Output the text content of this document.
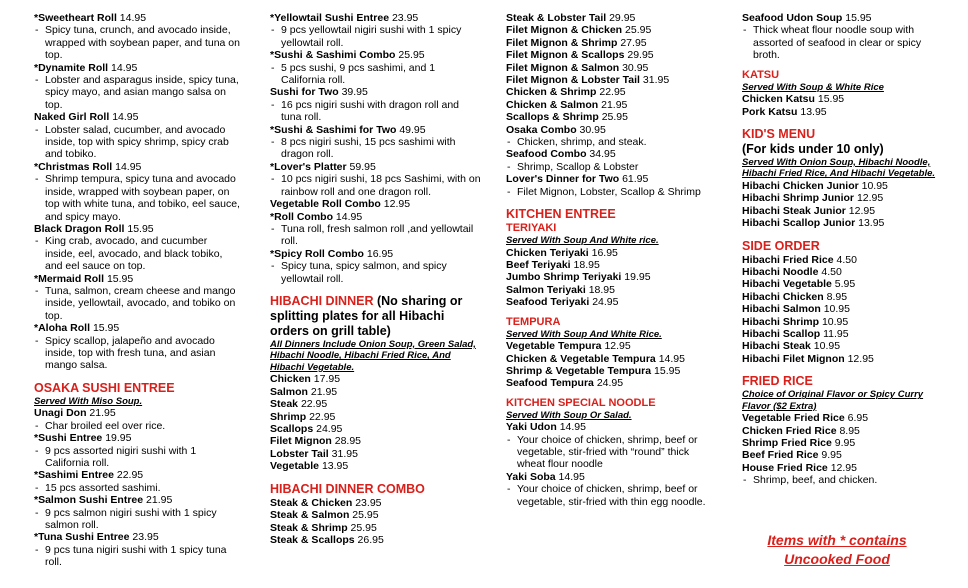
*Sweetheart Roll 14.95
- Spicy tuna, crunch, and avocado inside, wrapped with soybean paper, and tuna on top.
*Dynamite Roll 14.95
- Lobster and asparagus inside, spicy tuna, spicy mayo, and asian mango salsa on top.
Naked Girl Roll 14.95
- Lobster salad, cucumber, and avocado inside, top with spicy shrimp, spicy crab and tobiko.
*Christmas Roll 14.95
- Shrimp tempura, spicy tuna and avocado inside, wrapped with soybean paper, on top with white tuna, and tobiko, eel sauce, and spicy mayo.
Black Dragon Roll 15.95
- King crab, avocado, and cucumber inside, eel, avocado, and black tobiko, and eel sauce on top.
*Mermaid Roll 15.95
- Tuna, salmon, cream cheese and mango inside, yellowtail, avocado, and tobiko on top.
*Aloha Roll 15.95
- Spicy scallop, jalapeño and avocado inside, top with fresh tuna, and asian mango salsa.
OSAKA SUSHI ENTREE
Served With Miso Soup.
Unagi Don 21.95
- Char broiled eel over rice.
*Sushi Entree 19.95
- 9 pcs assorted nigiri sushi with 1 California roll.
*Sashimi Entree 22.95
- 15 pcs assorted sashimi.
*Salmon Sushi Entree 21.95
- 9 pcs salmon nigiri sushi with 1 spicy salmon roll.
*Tuna Sushi Entree 23.95
- 9 pcs tuna nigiri sushi with 1 spicy tuna roll.
*Yellowtail Sushi Entree 23.95
- 9 pcs yellowtail nigiri sushi with 1 spicy yellowtail roll.
*Sushi & Sashimi Combo 25.95
- 5 pcs sushi, 9 pcs sashimi, and 1 California roll.
Sushi for Two 39.95
- 16 pcs nigiri sushi with dragon roll and tuna roll.
*Sushi & Sashimi for Two 49.95
- 8 pcs nigiri sushi, 15 pcs sashimi with dragon roll.
*Lover's Platter 59.95
- 10 pcs nigiri sushi, 18 pcs Sashimi, with on rainbow roll and one dragon roll.
Vegetable Roll Combo 12.95
*Roll Combo 14.95
- Tuna roll, fresh salmon roll ,and yellowtail roll.
*Spicy Roll Combo 16.95
- Spicy tuna, spicy salmon, and spicy yellowtail roll.
HIBACHI DINNER (No sharing or splitting plates for all Hibachi orders on grill table)
All Dinners Include Onion Soup, Green Salad, Hibachi Noodle, Hibachi Fried Rice, And Hibachi Vegetable.
Chicken 17.95
Salmon 21.95
Steak 22.95
Shrimp 22.95
Scallops 24.95
Filet Mignon 28.95
Lobster Tail 31.95
Vegetable 13.95
HIBACHI DINNER COMBO
Steak & Chicken 23.95
Steak & Salmon 25.95
Steak & Shrimp 25.95
Steak & Scallops 26.95
Steak & Lobster Tail 29.95
Filet Mignon & Chicken 25.95
Filet Mignon & Shrimp 27.95
Filet Mignon & Scallops 29.95
Filet Mignon & Salmon 30.95
Filet Mignon & Lobster Tail 31.95
Chicken & Shrimp 22.95
Chicken & Salmon 21.95
Scallops & Shrimp 25.95
Osaka Combo 30.95
- Chicken, shrimp, and steak.
Seafood Combo 34.95
- Shrimp, Scallop & Lobster
Lover's Dinner for Two 61.95
- Filet Mignon, Lobster, Scallop & Shrimp
KITCHEN ENTREE
TERIYAKI
Served With Soup And White rice.
Chicken Teriyaki 16.95
Beef Teriyaki 18.95
Jumbo Shrimp Teriyaki 19.95
Salmon Teriyaki 18.95
Seafood Teriyaki 24.95
TEMPURA
Served With Soup And White Rice.
Vegetable Tempura 12.95
Chicken & Vegetable Tempura 14.95
Shrimp & Vegetable Tempura 15.95
Seafood Tempura 24.95
KITCHEN SPECIAL NOODLE
Served With Soup Or Salad.
Yaki Udon 14.95
- Your choice of chicken, shrimp, beef or vegetable, stir-fried with “round” thick wheat flour noodle
Yaki Soba 14.95
- Your choice of chicken, shrimp, beef or vegetable, stir-fried with thin egg noodle.
Seafood Udon Soup 15.95
- Thick wheat flour noodle soup with assorted of seafood in clear or spicy broth.
KATSU
Served With Soup & White Rice
Chicken Katsu 15.95
Pork Katsu 13.95
KID'S MENU
(For kids under 10 only)
Served With Onion Soup, Hibachi Noodle, Hibachi Fried Rice, And Hibachi Vegetable.
Hibachi Chicken Junior 10.95
Hibachi Shrimp Junior 12.95
Hibachi Steak Junior 12.95
Hibachi Scallop Junior 13.95
SIDE ORDER
Hibachi Fried Rice 4.50
Hibachi Noodle 4.50
Hibachi Vegetable 5.95
Hibachi Chicken 8.95
Hibachi Salmon 10.95
Hibachi Shrimp 10.95
Hibachi Scallop 11.95
Hibachi Steak 10.95
Hibachi Filet Mignon 12.95
FRIED RICE
Choice of Original Flavor or Spicy Curry Flavor ($2 Extra)
Vegetable Fried Rice 6.95
Chicken Fried Rice 8.95
Shrimp Fried Rice 9.95
Beef Fried Rice 9.95
House Fried Rice 12.95
- Shrimp, beef, and chicken.
Items with * contains
Uncooked Food
